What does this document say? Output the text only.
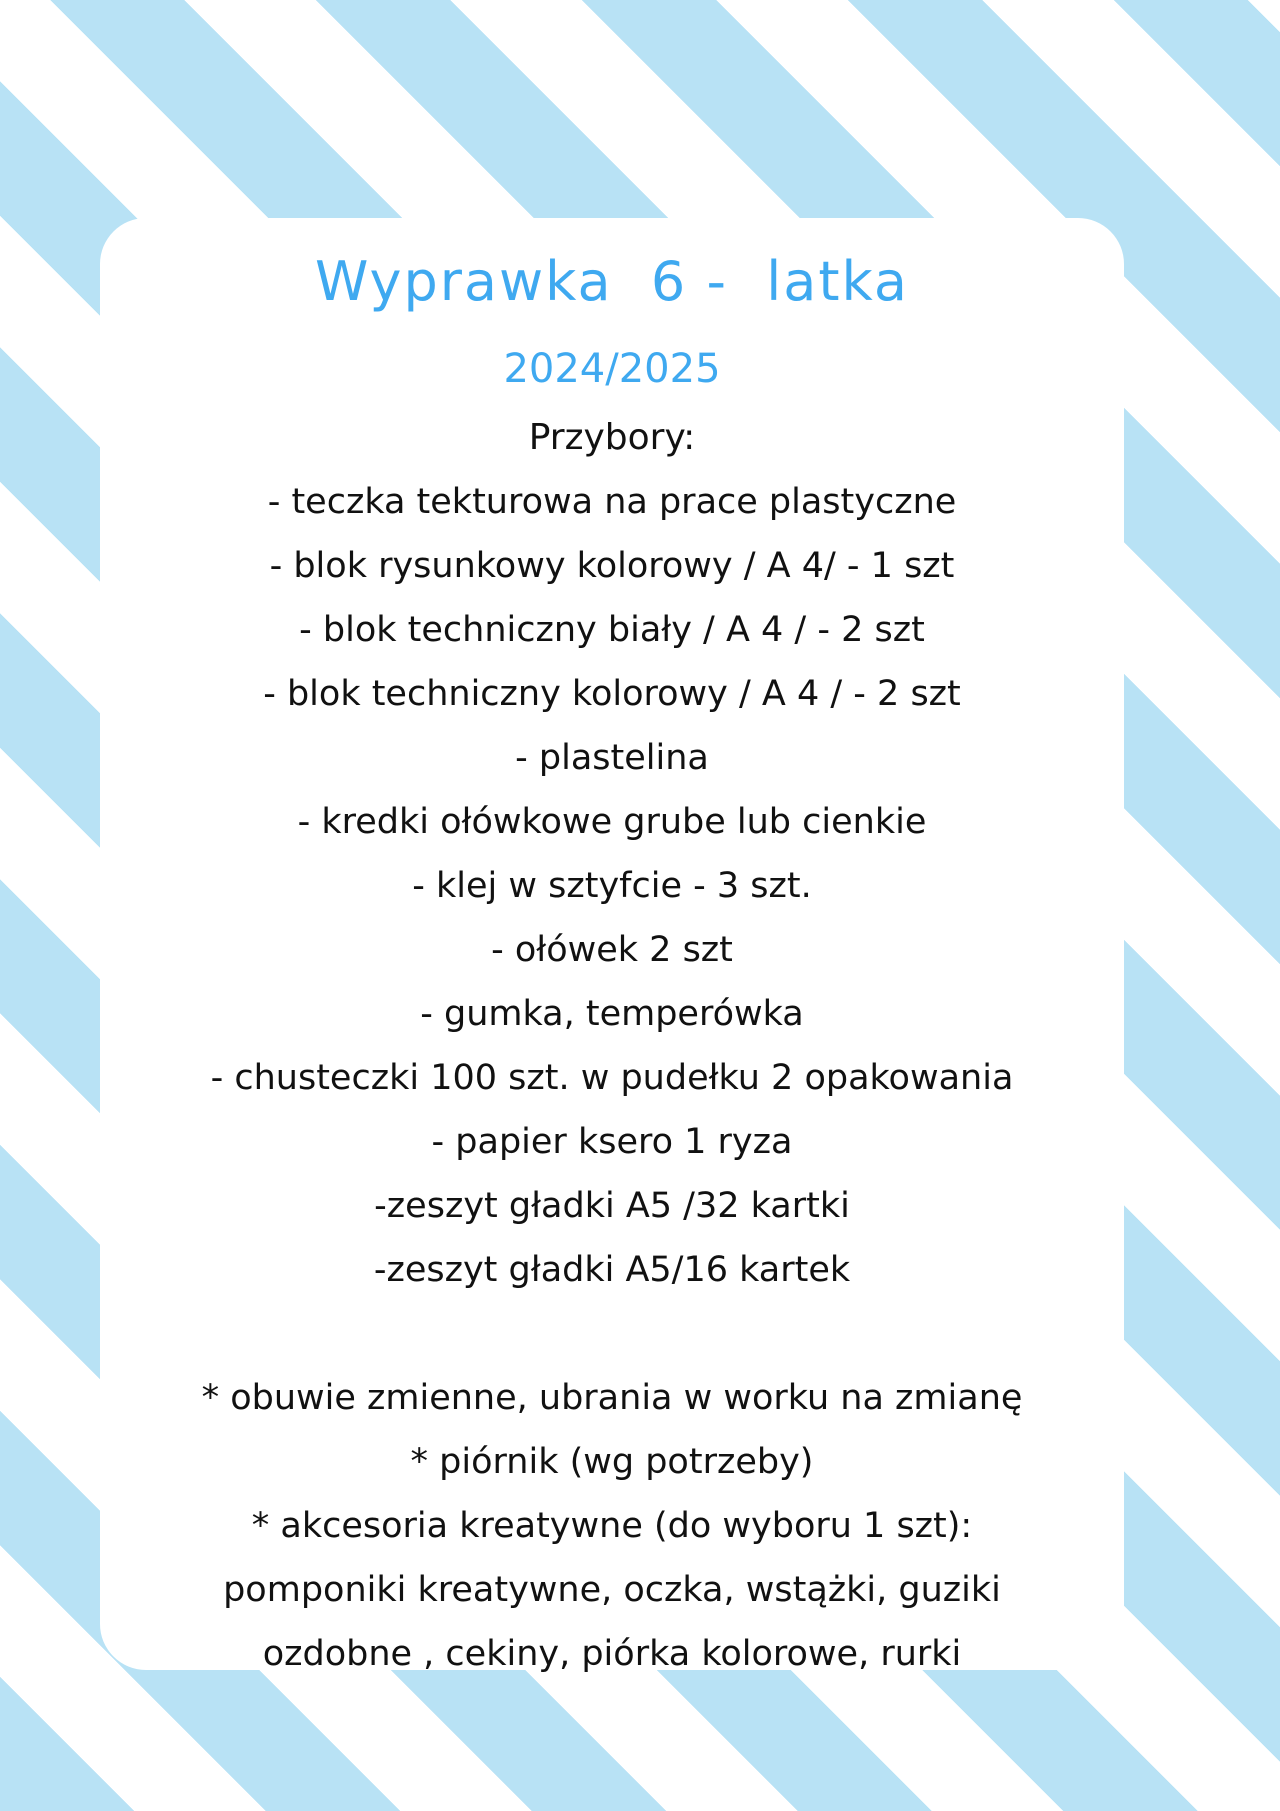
Wyprawka  6 -  latka

2024/2025

Przybory:

- teczka tekturowa na prace plastyczne
- blok rysunkowy kolorowy / A 4/ - 1 szt
- blok techniczny biały / A 4 / - 2 szt
- blok techniczny kolorowy / A 4 / - 2 szt
- plastelina
- kredki ołówkowe grube lub cienkie
- klej w sztyfcie - 3 szt.
- ołówek 2 szt
- gumka, temperówka
- chusteczki 100 szt. w pudełku 2 opakowania
- papier ksero 1 ryza
-zeszyt gładki A5 /32 kartki
-zeszyt gładki A5/16 kartek
* obuwie zmienne, ubrania w worku na zmianę
* piórnik (wg potrzeby)
* akcesoria kreatywne (do wyboru 1 szt):
pomponiki kreatywne, oczka, wstążki, guziki
ozdobne , cekiny, piórka kolorowe, rurki
